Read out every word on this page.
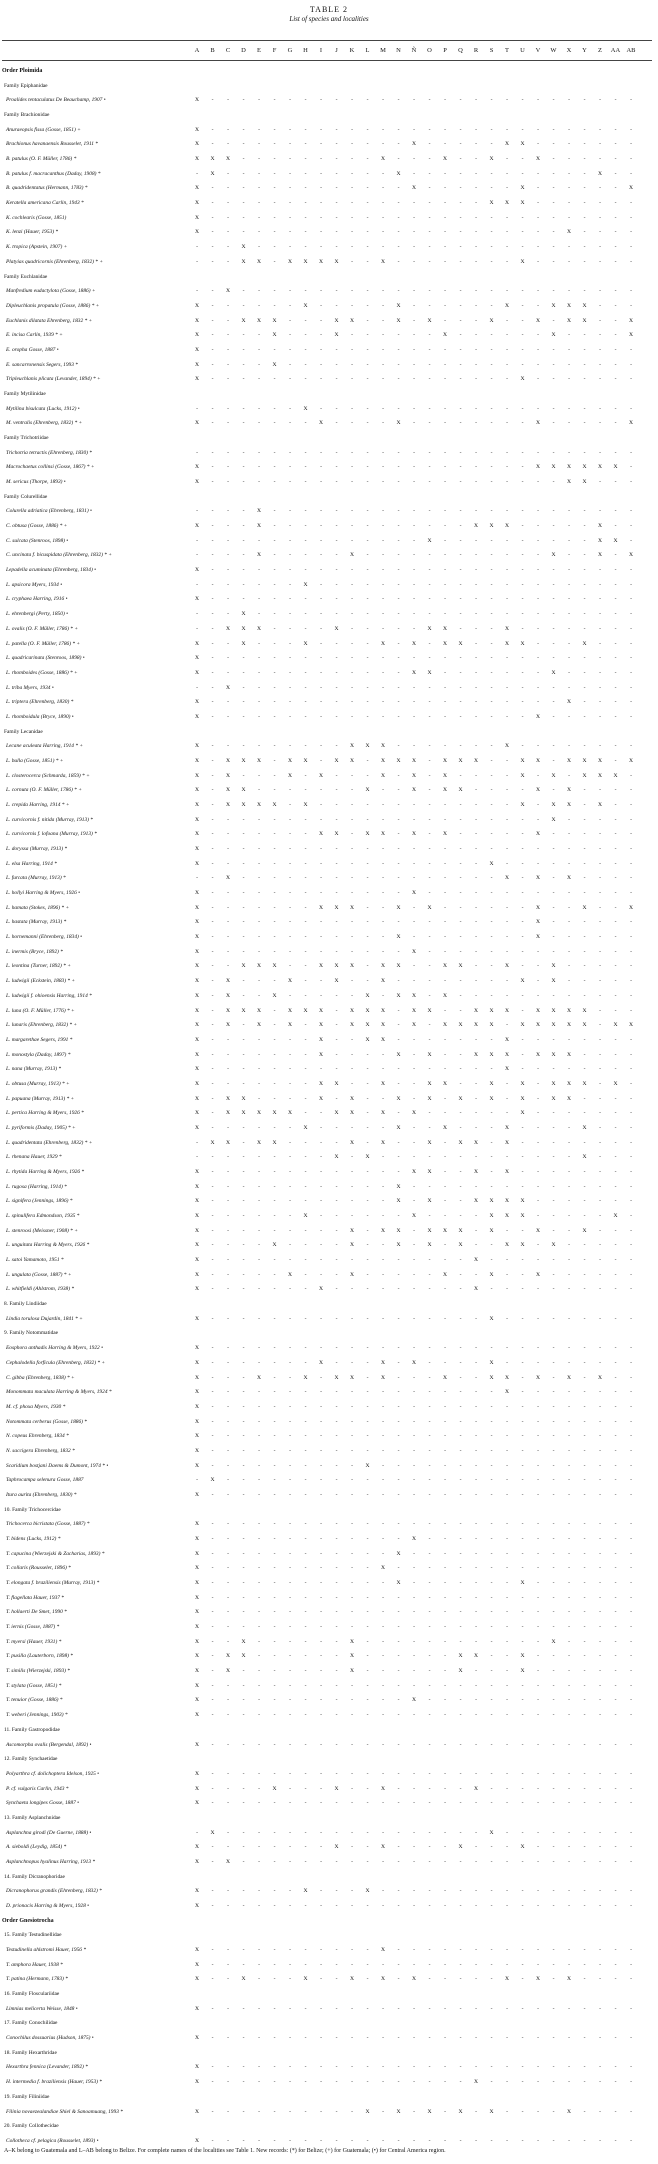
TABLE 2
List of species and localities
A	B	C	D	E	F	G	H	I	J	K	L	M	N	Ñ	O	P	Q	R	S	T	U	V	W	X	Y	Z	AA AB
Order Ploimida
Family Epiphanidae
Proalides tentaculatus De Beauchamp, 1907 •	X	-	-	-	-	-	-	-	-	-	-	-	-	-	-	-	-	-	-	-	-	-	-	-	-	-	-	-	-
Family Brachionidae
Anuraeopsis fissa (Gosse, 1851) +	X	-	-	-	-	-	-	-	-	-	-	-	-	-	-	-	-	-	-	-	-	-	-	-	-	-	-	-	-
Brachionus havanaensis Rousselet, 1911 *	X	-	-	-	-	-	-	-	-	-	-	-	-	-	X	-	-	-	-	-	X	X	-	-	-	-	-	-	-
B. patulus (O. F. Müller, 1786) *	X	X	X	-	-	-	-	-	-	-	-	-	X	-	-	-	X	-	-	X	-	-	X	-	-	-	-	-	-
B. patulus f. macracanthus (Daday, 1908) *	-	X	-	-	-	-	-	-	-	-	-	-	-	X	-	-	-	-	-	-	-	-	-	-	-	-	X	-	-
B. quadridentatus (Hermann, 1783) *	X	-	-	-	-	-	-	-	-	-	-	-	-	-	X	-	-	-	-	-	-	X	-	-	-	-	-	-	X
Keratella americana Carlin, 1943 *	X	-	-	-	-	-	-	-	-	-	-	-	-	-	-	-	-	-	-	X	X	X	-	-	-	-	-	-	-
K. cochlearis (Gosse, 1851)	X	-	-	-	-	-	-	-	-	-	-	-	-	-	-	-	-	-	-	-	-	-	-	-	-	-	-	-	-
K. lenzi (Hauer, 1953) *	X	-	-	-	-	-	-	-	-	-	-	-	-	-	-	-	-	-	-	-	-	-	-	-	X	-	-	-	-
K. tropica (Apstein, 1907) +	-	-	-	X	-	-	-	-	-	-	-	-	-	-	-	-	-	-	-	-	-	-	-	-	-	-	-	-	-
Platyias quadricornis (Ehrenberg, 1832) * +	-	-	-	X	X	-	X	X	X	X	-	-	X	-	-	-	-	-	-	-	-	X	-	-	-	-	-	-	-
Family Euchlanidae
Manfredium eudactylota (Gosse, 1886) +	-	-	X	-	-	-	-	-	-	-	-	-	-	-	-	-	-	-	-	-	-	-	-	-	-	-	-	-	-
Dipleuchlanis propatula (Gosse, 1886) * +	X	-	-	-	-	-	-	X	-	-	-	-	-	X	-	-	-	-	-	-	X	-	-	X	X	X	-	-	-
Euchlanis dilatata Ehrenberg, 1832 * +	X	-	-	X	X	X	-	-	-	X	X	-	-	X	-	X	-	-	-	X	-	-	X	-	X	X	-	-	X
E. incisa Carlin, 1939 * +	X	-	-	-	-	X	-	-	-	X	-	-	-	-	-	-	X	-	-	-	-	-	-	X	-	-	-	-	X
E. oropha Gosse, 1887 •	X	-	-	-	-	-	-	-	-	-	-	-	-	-	-	-	-	-	-	-	-	-	-	-	-	-	-	-	-
E. sancarronensis Segers, 1993 *	X	-	-	-	-	X	-	-	-	-	-	-	-	-	-	-	-	-	-	-	-	-	-	-	-	-	-	-	-
Tripleuchlanis plicata (Levander, 1894) * +	X	-	-	-	-	-	-	-	-	-	-	-	-	-	-	-	-	-	-	-	-	X	-	-	-	-	-	-	-
Family Mytilinidae
Mytilina bisulcata (Lucks, 1912) •	-	-	-	-	-	-	-	X	-	-	-	-	-	-	-	-	-	-	-	-	-	-	-	-	-	-	-	-	-
M. ventralis (Ehrenberg, 1832) * +	X	-	-	-	-	-	-	-	X	-	-	-	-	X	-	-	-	-	-	-	-	-	X	-	-	-	-	-	X
Family Trichotriidae
Trichotria tetractis (Ehrenberg, 1830) *	-	-	-	-	-	-	-	-	-	-	-	-	-	-	-	-	-	-	-	-	-	-	-	-	-	-	-	-	-
Macrochaetus collinsi (Gosse, 1867) * +	X	-	-	-	-	-	-	-	-	-	-	-	-	-	-	-	-	-	-	-	-	-	X	X	X	X	X	X	-
M. sericus (Thorpe, 1893) •	X	-	-	-	-	-	-	-	-	-	-	-	-	-	-	-	-	-	-	-	-	-	-	-	X	X	-	-	-
Family Colurellidae
Colurella adriatica (Ehrenberg, 1831) •	-	-	-	-	X	-	-	-	-	-	-	-	-	-	-	-	-	-	-	-	-	-	-	-	-	-	-	-	-
C. obtusa (Gosse, 1886) * +	X	-	-	-	X	-	-	-	-	-	-	-	-	-	-	-	-	-	X	X	X	-	-	-	-	-	X	-	-
C. sulcata (Stenroos, 1898) •	-	-	-	-	-	-	-	-	-	-	-	-	-	-	-	X	-	-	-	-	-	-	-	-	-	-	X	X	-
C. uncinata f. bicuspidata (Ehrenberg, 1832) * +	-	-	-	-	X	-	-	-	-	-	X	-	-	-	-	-	-	-	-	-	-	-	-	X	-	-	X	-	X
Lepadella acuminata (Ehrenberg, 1834) •	X	-	-	-	-	-	-	-	-	-	-	-	-	-	-	-	-	-	-	-	-	-	-	-	-	-	-	-	-
L. apsicora Myers, 1934 •	-	-	-	-	-	-	-	X	-	-	-	-	-	-	-	-	-	-	-	-	-	-	-	-	-	-	-	-	-
L. cryphaea Harring, 1916 •	X	-	-	-	-	-	-	-	-	-	-	-	-	-	-	-	-	-	-	-	-	-	-	-	-	-	-	-	-
L. ehrenbergi (Perty, 1850) •	-	-	-	X	-	-	-	-	-	-	-	-	-	-	-	-	-	-	-	-	-	-	-	-	-	-	-	-	-
L. ovalis (O. F. Müller, 1786) * +	-	-	X	X	X	-	-	-	-	X	-	-	-	-	-	X	X	-	-	-	X	-	-	-	-	-	-	-	-
L. patella (O. F. Müller, 1786) * +	X	-	-	X	-	-	-	X	-	-	-	-	X	-	X	-	X	X	-	-	X	X	-	-	-	X	-	-	-
L. quadricarinata (Stenroos, 1898) •	X	-	-	-	-	-	-	-	-	-	-	-	-	-	-	-	-	-	-	-	-	-	-	-	-	-	-	-	-
L. rhomboides (Gosse, 1886) * +	X	-	-	-	-	-	-	-	-	-	-	-	-	-	X	X	-	-	-	-	-	-	-	X	-	-	-	-	-
L. triba Myers, 1934 •	-	-	X	-	-	-	-	-	-	-	-	-	-	-	-	-	-	-	-	-	-	-	-	-	-	-	-	-	-
L. triptera (Ehrenberg, 1830) *	X	-	-	-	-	-	-	-	-	-	-	-	-	-	-	-	-	-	-	-	-	-	-	-	X	-	-	-	-
L. rhomboidula (Bryce, 1890) •	X	-	-	-	-	-	-	-	-	-	-	-	-	-	-	-	-	-	-	-	-	-	X	-	-	-	-	-	-
Family Lecanidae
Lecane aculeata Harring, 1914 * +	X	-	-	-	-	-	-	-	-	-	X	X	X	-	-	-	-	-	-	-	X	-	-	-	-	-	-	-	-
L. bulla (Gosse, 1851) * +	X	-	X	X	X	-	X	X	-	X	X	-	X	X	X	-	X	X	X	-	-	X	X	-	X	X	X	-	X
L. closterocerca (Schmarda, 1859) * +	X	-	X	-	-	-	X	-	X	-	-	-	X	-	X	-	X	-	-	-	-	X	-	X	-	X	X	X	-
L. cornuta (O. F. Müller, 1786) * +	X	-	X	X	-	-	-	-	-	-	-	X	-	-	X	-	X	X	-	-	-	-	X	-	X	-	-	-	-
L. crepida Harring, 1914 * +	X	-	X	X	X	X	-	X	-	-	-	-	-	-	-	-	-	-	-	-	-	X	-	X	X	-	X	-	-
L. curvicornis f. nitida (Murray, 1913) *	X	-	-	-	-	-	-	-	-	-	-	-	-	-	-	-	-	-	-	-	-	-	-	X	-	-	-	-	-
L. curvicornis f. lofoana (Murray, 1913) *	X	-	-	-	-	-	-	-	X	X	-	X	X	-	X	-	X	-	-	-	-	-	X	-	-	-	-	-	-
L. doryssa (Murray, 1913) *	X	-	-	-	-	-	-	-	-	-	-	-	-	-	-	-	-	-	-	-	-	-	-	-	-	-	-	-	-
L. elsa Harring, 1914 *	X	-	-	-	-	-	-	-	-	-	-	-	-	-	-	-	-	-	-	X	-	-	-	-	-	-	-	-	-
L. furcata (Murray, 1913) *	-	-	X	-	-	-	-	-	-	-	-	-	-	-	-	-	-	-	-	-	X	-	X	-	X	-	-	-	-
L. hollyi Harring & Myers, 1926 •	X	-	-	-	-	-	-	-	-	-	-	-	-	-	X	-	-	-	-	-	-	-	-	-	-	-	-	-	-
L. hamata (Stokes, 1896) * +	X	-	-	-	-	-	-	-	X	X	X	-	-	X	-	X	-	-	-	-	-	-	X	-	-	X	-	-	X
L. hastata (Murray, 1913) *	X	-	-	-	-	-	-	-	-	-	-	-	-	-	-	-	-	-	-	-	-	-	X	-	-	-	-	-	-
L. hornemanni (Ehrenberg, 1834) •	X	-	-	-	-	-	-	-	-	-	-	-	-	X	-	-	-	-	-	-	-	-	X	-	-	-	-	-	-
L. inermis (Bryce, 1892) *	X	-	-	-	-	-	-	-	-	-	-	-	-	-	X	-	-	-	-	-	-	-	-	-	-	-	-	-	-
L. leontina (Turner, 1892) * +	X	-	-	X	X	X	-	-	X	X	X	-	X	X	-	-	X	X	-	-	X	-	-	X	-	-	-	-	-
L. ludwigii (Eckstein, 1883) * +	X	-	X	-	-	-	X	-	-	X	-	-	X	-	-	-	-	-	-	-	-	X	-	X	-	-	-	-	-
L. ludwigii f. ohioensis Harring, 1914 *	X	-	X	-	-	X	-	-	-	-	-	X	-	X	X	-	X	-	-	-	-	-	-	-	-	-	-	-	-
L. luna (O. F. Müller, 1776) * +	X	-	X	X	X	-	X	X	X	-	X	X	X	-	X	X	-	-	X	X	X	-	X	X	X	X	-	-	-
L. lunaris (Ehrenberg, 1832) * +	X	-	X	-	X	-	X	-	X	-	X	X	X	-	X	-	X	X	X	X	-	X	X	X	X	X	-	X	X
L. margarethae Segers, 1991 *	X	-	-	-	-	-	-	-	X	-	-	X	X	-	-	-	-	-	-	-	X	-	-	-	-	-	-	-	-
L. monostyla (Daday, 1897) *	X	-	-	-	-	-	-	-	X	-	-	-	-	X	-	X	-	-	X	X	X	-	X	X	X	-	-	-	-
L. nana (Murray, 1913) *	X	-	-	-	-	-	-	-	-	-	-	-	-	-	-	-	-	-	-	-	X	-	-	-	-	-	-	-	-
L. obtusa (Murray, 1913) * +	X	-	-	-	-	-	-	-	X	X	-	-	X	-	-	X	X	-	-	X	-	X	-	X	X	X	-	X	-
L. papuana (Murray, 1913) * +	X	-	X	X	-	-	-	-	X	-	X	-	-	X	-	X	-	X	-	X	-	X	-	X	X	-	-	-	-
L. pertica Harring & Myers, 1926 *	X	-	X	X	X	X	X	-	-	X	X	-	X	-	X	-	-	-	-	-	-	X	-	-	-	-	-	-	-
L. pyriformis (Daday, 1905) * +	X	-	-	-	-	-	-	X	-	-	-	-	-	X	-	-	X	-	-	-	X	-	-	-	-	X	-	-	-
L. quadridentata (Ehrenberg, 1832) * +	-	X	X	-	X	X	-	-	-	-	X	-	X	-	-	X	-	X	X	-	X	-	-	-	-	-	-	-	-
L. rhenana Hauer, 1929 *	-	-	-	-	-	-	-	-	-	X	-	X	-	-	-	-	-	-	-	-	-	-	-	-	-	X	-	-	-
L. rhytida Harring & Myers, 1926 *	X	-	-	-	-	-	-	-	-	-	-	-	-	-	X	X	-	-	X	-	X	-	-	-	-	-	-	-	-
L. rugosa (Harring, 1914) *	X	-	-	-	-	-	-	-	-	-	-	-	-	X	-	-	-	-	-	-	-	-	-	-	-	-	-	-	-
L. signifera (Jennings, 1896) *	X	-	-	-	-	-	-	-	-	-	-	-	-	X	-	X	-	-	X	X	X	X	-	-	-	-	-	-	-
L. spinulifera Edmondson, 1935 *	X	-	-	-	-	-	-	X	-	-	-	-	-	-	X	-	-	-	-	X	X	X	-	-	-	-	-	X	-
L. stenroosi (Meissner, 1908) * +	X	-	-	-	-	-	-	-	-	-	X	-	X	X	-	X	X	X	-	X	-	-	X	-	-	X	-	-	-
L. unguitata Harring & Myers, 1926 *	X	-	-	-	-	X	-	-	-	-	X	-	-	X	-	X	-	X	-	-	X	X	-	X	-	-	-	-	-
L. satoi Yamamoto, 1951 *	X	-	-	-	-	-	-	-	-	-	-	-	-	-	-	-	-	-	X	-	-	-	-	-	-	-	-	-	-
L. ungulata (Gosse, 1887) * +	X	-	-	-	-	-	X	-	-	-	X	-	-	-	-	-	X	-	-	X	-	-	X	-	-	-	-	-	-
L. whitfieldi (Ahlstrom, 1938) *	X	-	-	-	-	-	-	-	X	-	-	-	-	-	-	-	-	-	X	-	-	-	-	-	-	-	-	-	-
8. Family Lindiidae
Lindia torulosa Dujardin, 1841 * +	X	-	-	-	-	-	-	-	-	-	-	-	-	-	-	-	-	-	-	X	-	-	-	-	-	-	-	-	-
9. Family Notommatidae
Eosphora anthadis Harring & Myers, 1922 •	X	-	-	-	-	-	-	-	-	-	-	-	-	-	-	-	-	-	-	-	-	-	-	-	-	-	-	-	-
Cephalodella forficula (Ehrenberg, 1832) * +	X	-	-	-	-	-	-	-	X	-	-	-	X	-	X	-	-	-	-	X	-	-	-	-	-	-	-	-	-
C. gibba (Ehrenberg, 1838) * +	X	-	-	-	X	-	-	X	-	X	X	-	X	-	-	-	X	-	-	X	X	-	X	-	X	-	X	-	-
Monommata maculata Harring & Myers, 1924 *	X	-	-	-	-	-	-	-	-	-	-	-	-	-	-	-	-	-	-	-	X	-	-	-	-	-	-	-	-
M. cf. phoxa Myers, 1930 *	X	-	-	-	-	-	-	-	-	-	-	-	-	-	-	-	-	-	-	-	-	-	-	-	-	-	-	-	-
Notommata cerberus (Gosse, 1886) *	X	-	-	-	-	-	-	-	-	-	-	-	-	-	-	-	-	-	-	-	-	-	-	-	-	-	-	-	-
N. copeus Ehrenberg, 1834 *	X	-	-	-	-	-	-	-	-	-	-	-	-	-	-	-	-	-	-	-	-	-	-	-	-	-	-	-	-
N. saccigera Ehrenberg, 1832 *	X	-	-	-	-	-	-	-	-	-	-	-	-	-	-	-	-	-	-	-	-	-	-	-	-	-	-	-	-
Scaridium bostjani Daems & Dumont, 1974 * •	X	-	-	-	-	-	-	-	-	-	-	X	-	-	-	-	-	-	-	-	-	-	-	-	-	-	-	-	-
Taphrocampa selenura Gosse, 1887	-	X	-	-	-	-	-	-	-	-	-	-	-	-	-	-	-	-	-	-	-	-	-	-	-	-	-	-	-
Itura aurita (Ehrenberg, 1830) *	X	-	-	-	-	-	-	-	-	-	-	-	-	-	-	-	-	-	-	-	-	-	-	-	-	-	-	-	-
10. Family Trichocercidae
Trichocerca bicristata (Gosse, 1887) *	X	-	-	-	-	-	-	-	-	-	-	-	-	-	-	-	-	-	-	-	-	-	-	-	-	-	-	-	-
T. bidens (Lucks, 1912) *	X	-	-	-	-	-	-	-	-	-	-	-	-	-	X	-	-	-	-	-	-	-	-	-	-	-	-	-	-
T. capucina (Wierzejski & Zacharias, 1893) *	X	-	-	-	-	-	-	-	-	-	-	-	-	X	-	-	-	-	-	-	-	-	-	-	-	-	-	-	-
T. collaris (Rousselet, 1896) *	X	-	-	-	-	-	-	-	-	-	-	-	X	-	-	-	-	-	-	-	-	-	-	-	-	-	-	-	-
T. elongata f. braziliensis (Murray, 1913) *	X	-	-	-	-	-	-	-	-	-	-	-	-	X	-	-	-	-	-	-	-	X	-	-	-	-	-	-	-
T. flagellata Hauer, 1937 *	X	-	-	-	-	-	-	-	-	-	-	-	-	-	-	-	-	-	-	-	-	-	-	-	-	-	-	-	-
T. hollaerti De Smet, 1990 *	X	-	-	-	-	-	-	-	-	-	-	-	-	-	-	-	-	-	-	-	-	-	-	-	-	-	-	-	-
T. iernis (Gosse, 1887) *	X	-	-	-	-	-	-	-	-	-	-	-	-	-	-	-	-	-	-	-	-	-	-	-	-	-	-	-	-
T. myersi (Hauer, 1931) *	X	-	-	X	-	-	-	-	-	-	X	-	-	-	-	-	-	-	-	-	-	-	-	X	-	-	-	-	-
T. pusilla (Lauterborn, 1898) *	X	-	X	X	-	-	-	-	-	-	X	-	-	-	-	-	-	X	X	-	-	X	-	-	-	-	-	-	-
T. similis (Wierzejski, 1893) *	X	-	X	-	-	-	-	-	-	-	X	-	-	-	-	-	-	X	-	-	-	X	-	-	-	-	-	-	-
T. stylata (Gosse, 1851) *	X	-	-	-	-	-	-	-	-	-	-	-	-	-	-	-	-	-	-	-	-	-	-	-	-	-	-	-	-
T. tenuior (Gosse, 1886) *	X	-	-	-	-	-	-	-	-	-	-	-	-	-	X	-	-	-	-	-	-	-	-	-	-	-	-	-	-
T. weberi (Jennings, 1903) *	X	-	-	-	-	-	-	-	-	-	-	-	-	-	-	-	-	-	-	-	-	-	-	-	-	-	-	-	-
11. Family Gastropodidae
Ascomorpha ovalis (Bergendal, 1892) •	X	-	-	-	-	-	-	-	-	-	-	-	-	-	-	-	-	-	-	-	-	-	-	-	-	-	-	-	-
12. Family Synchaetidae
Polyarthra cf. dolichoptera Idelson, 1925 •	X	-	-	-	-	-	-	-	-	-	-	-	-	-	-	-	-	-	-	-	-	-	-	-	-	-	-	-	-
P. cf. vulgaris Carlin, 1943 *	X	-	-	-	-	X	-	-	-	X	-	-	X	-	-	-	-	-	X	-	-	-	-	-	-	-	-	-	-
Synchaeta longipes Gosse, 1887 •	X	-	-	-	-	-	-	-	-	-	-	-	-	-	-	-	-	-	-	-	-	-	-	-	-	-	-	-	-
13. Family Asplanchnidae
Asplanchna girodi (De Guerne, 1888) •	-	X	-	-	-	-	-	-	-	-	-	-	-	-	-	-	-	-	-	X	-	-	-	-	-	-	-	-	-
A. sieboldi (Leydig, 1854) *	X	-	-	-	-	-	-	-	-	X	-	-	X	-	-	-	-	X	-	-	-	X	-	-	-	-	-	-	-
Asplanchnopus hyalinus Harring, 1913 *	X	-	X	-	-	-	-	-	-	-	-	-	-	-	-	-	-	-	-	-	-	-	-	-	-	-	-	-	-
14. Family Dicranophoridae
Dicranophorus grandis (Ehrenberg, 1832) *	X	-	-	-	-	-	-	X	-	-	-	X	-	-	-	-	-	-	-	-	-	-	-	-	-	-	-	-	-
D. prionacis Harring & Myers, 1928 •	X	-	-	-	-	-	-	-	-	-	-	-	-	-	-	-	-	-	-	-	-	-	-	-	-	-	-	-	-
Order Gnesiotrocha
15. Family Testudinellidae
Testudinella ahlstromi Hauer, 1956 *	X	-	-	-	-	-	-	-	-	-	-	-	X	-	-	-	-	-	-	-	-	-	-	-	-	-	-	-	-
T. amphora Hauer, 1938 *	X	-	-	-	-	-	-	-	-	-	-	-	-	-	-	-	-	-	-	-	-	-	-	-	-	-	-	-	-
T. patina (Hermann, 1783) *	X	-	-	X	-	-	-	X	-	-	X	-	X	-	X	-	-	-	-	-	X	-	X	-	X	-	-	-	-
16. Family Flosculariidae
Limnias melicerta Weisse, 1848 •	X	-	-	-	-	-	-	-	-	-	-	-	-	-	-	-	-	-	-	-	-	-	-	-	-	-	-	-	-
17. Family Conochilidae
Conochilus dossuarius (Hudson, 1875) •	X	-	-	-	-	-	-	-	-	-	-	-	-	-	-	-	-	-	-	-	-	-	-	-	-	-	-	-	-
18. Family Hexarthridae
Hexarthra fennica (Levander, 1892) *	X	-	-	-	-	-	-	-	-	-	-	-	-	-	-	-	-	-	-	-	-	-	-	-	-	-	-	-	-
H. intermedia f. braziliensis (Hauer, 1953) *	X	-	-	-	-	-	-	-	-	-	-	-	-	-	-	-	-	-	X	-	-	-	-	-	-	-	-	-	-
19. Family Filiniidae
Filinia novaezealandiae Shiel & Sanoamuang, 1993 *	X	-	-	-	-	-	-	-	-	-	-	X	-	X	-	X	-	X	-	X	-	-	-	-	X	-	-	-	-
20. Family Collothecidae
Collotheca cf. pelagica (Rousselet, 1893) •	X	-	-	-	-	-	-	-	-	-	-	-	-	-	-	-	-	-	-	-	-	-	-	-	-	-	-	-	-
A–K belong to Guatemala and L–AB belong to Belize. For complete names of the localities see Table 1. New records: (*) for Belize; (+) for Guatemala; (•) for Central America region.
